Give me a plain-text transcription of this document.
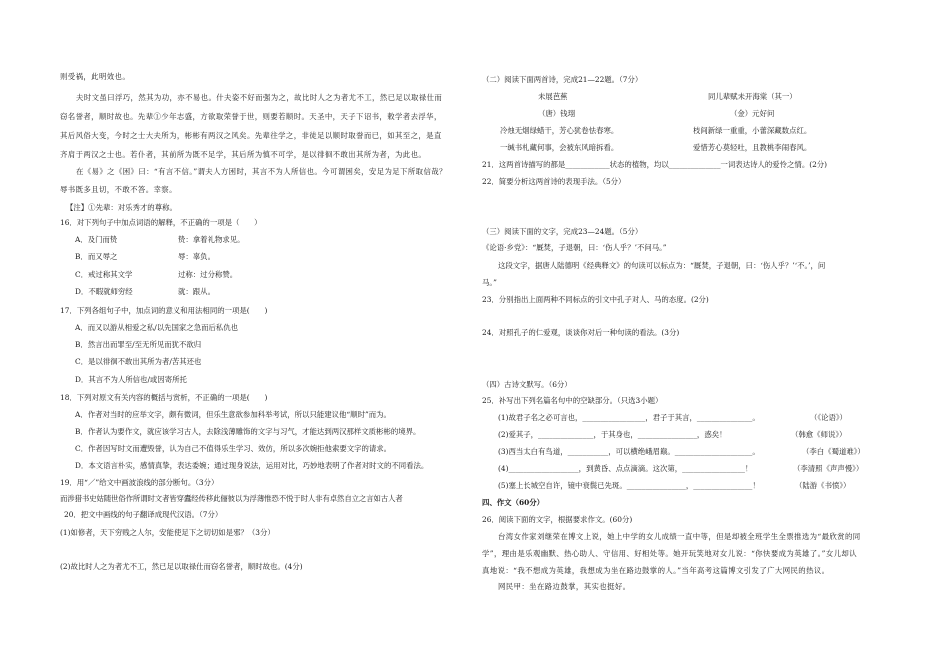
则受祸，此明效也。
夫时文虽曰浮巧，然其为功，亦不易也。什夫姿不好而强为之，故比时人之为者尤不工，然已足以取禄仕而
窃名誉者，顺时故也。先辈①少年志盛，方欲取荣誉于世，则要若顺时。天圣中，天子下诏书，敕学者去浮华，
其后风俗大变，今时之士大夫所为，彬彬有两汉之风矣。先辈往学之，非徒足以顺时取誉而已，如其至之，是直
齐肩于两汉之士也。若仆者，其前所为既不足学，其后所为慎不可学，是以徘徊不敢出其所为者，为此也。
在《易》之《困》曰：“有言不信。”谓夫人方困时，其言不为人所信也。今可谓困矣，安足为足下所取信哉？
辱书既多且切，不敢不答。幸察。
【注】①先辈：对乐秀才的尊称。
16．对下列句子中加点词语的解释，不正确的一项是（　　）
A．及门而贽	贽：拿着礼物求见。
B．而又辱之	辱：辜负。
C．戒过称其文学	过称：过分称赞。
D．不暇就师穷经	就：跟从。
17．下列各组句子中，加点词的意义和用法相同的一项是(　　)
A．而又以游从相爱之私/以先国家之急而后私仇也
B．然言出而罪至/至无所见而犹不欲归
C．是以徘徊不敢出其所为者/苦其还也
D．其言不为人所信也/或因寄所托
18．下列对原文有关内容的概括与赏析，不正确的一项是(　　)
A．作者对当时的应举文字，颇有微词，但乐生意欲参加科举考试，所以只能建议他“顺时”而为。
B．作者认为要作文，就应该学习古人，去除浅薄雕饰的文字与习气，才能达到两汉那样文质彬彬的境界。
C．作者因写时文而遭毁誉，认为自己不值得乐生学习、效仿，所以多次婉拒他索要文字的请求。
D．本文语言朴实，感情真挚，表达委婉；通过现身说法，运用对比，巧妙地表明了作者对时文的不同看法。
19．用“／”给文中画波浪线的部分断句。（3分）
而涉猎书史姑随世俗作所谓时文者皆穿蠹经传移此俪彼以为浮薄惟恐不悦于时人非有卓然自立之言如古人者
20．把文中画线的句子翻译成现代汉语。（7分）
(1)如修者，天下穷贱之人尔，安能使足下之切切如是邪？（3分）
(2)故比时人之为者尤不工，然已足以取禄仕而窃名誉者，顺时故也。(4分)
（二）阅读下面两首诗，完成21—22题。（7分）
未展芭蕉	同儿辈赋未开海棠（其一）
（唐）钱珝	（金）元好问
冷烛无烟绿蜡干，芳心犹卷怯春寒。	枝间新绿一重重，小蕾深藏数点红。
一缄书札藏何事，会被东风暗拆看。	爱惜芳心莫轻吐，且教桃李闹春风。
21．这两首诗描写的都是____________状态的植物，均以______________一词表达诗人的爱怜之情。(2分)
22．简要分析这两首诗的表现手法。（5分）
（三）阅读下面的文字，完成23—24题。（5分）
《论语·乡党》：“厩焚，子退朝，曰：‘伤人乎？’不问马。”
这段文字，据唐人陆德明《经典释文》的句读可以标点为：“厩焚，子退朝，曰：‘伤人乎？’‘不。’，问
马。”
23．分别指出上面两种不同标点的引文中孔子对人、马的态度。(2分)
24．对照孔子的仁爱观，谈谈你对后一种句读的看法。(3分)
（四）古诗文默写。（6分）
25．补写出下列名篇名句中的空缺部分。（只选3小题）
(1)故君子名之必可言也，_________________，君子于其言，_______________。	（《论语》）
(2)爱其子，_______________，于其身也，________________，惑矣！	（韩愈《师说》）
(3)西当太白有鸟道，___________，可以横绝峨眉巅。_____________________。	（李白《蜀道难》）
(4)___________________，到黄昏、点点滴滴。这次第，_________________！	（李清照《声声慢》）
(5)塞上长城空自许，镜中衰鬓已先斑。________________，________________！	（陆游《书愤》）
四、作文（60分）
26．阅读下面的文字，根据要求作文。(60分)
台湾女作家刘继荣在博文上说，她上中学的女儿成绩一直中等，但是却被全班学生全票推选为“最欣赏的同
学”，理由是乐观幽默、热心助人、守信用、好相处等。她开玩笑地对女儿说：“你快要成为英雄了。”女儿却认
真地说：“我不想成为英雄，我想成为坐在路边鼓掌的人。”当年高考这篇博文引发了广大网民的热议。
网民甲：坐在路边鼓掌，其实也挺好。
